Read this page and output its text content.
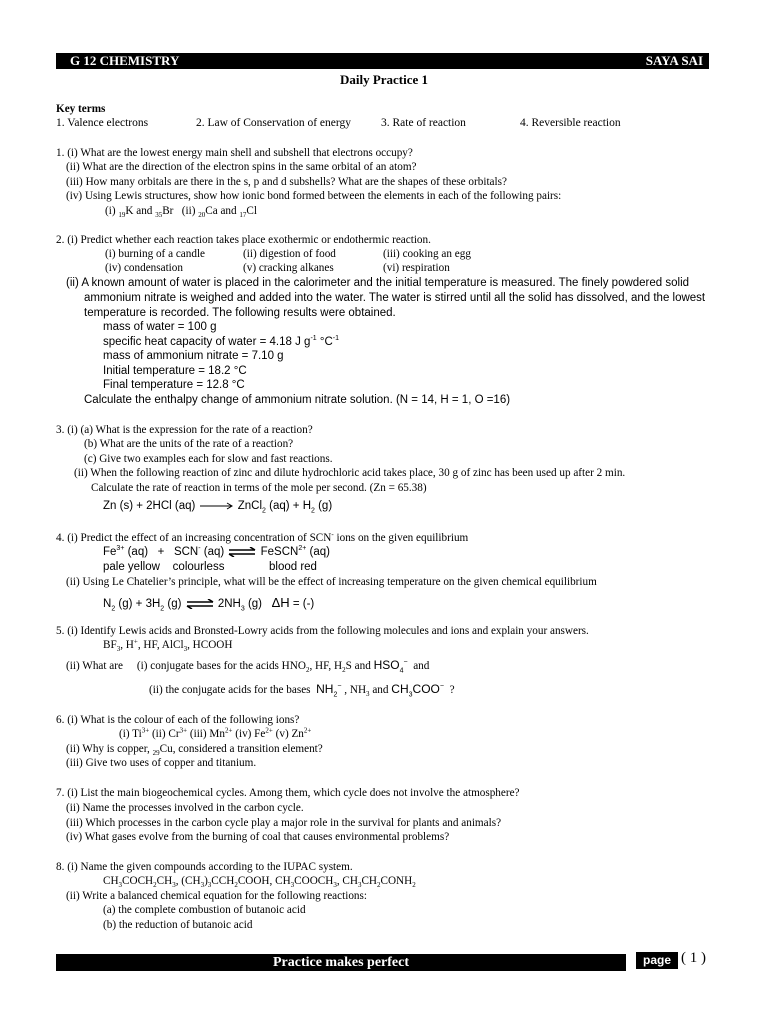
G 12 CHEMISTRY	SAYA SAI
Daily Practice 1
Key terms
1. Valence electrons	2. Law of Conservation of energy	3. Rate of reaction	4. Reversible reaction
1. (i) What are the lowest energy main shell and subshell that electrons occupy?
(ii) What are the direction of the electron spins in the same orbital of an atom?
(iii) How many orbitals are there in the s, p and d subshells? What are the shapes of these orbitals?
(iv) Using Lewis structures, show how ionic bond formed between the elements in each of the following pairs:
(i) $_{19}$K and $_{35}$Br   (ii) $_{20}$Ca and $_{17}$Cl
2. (i) Predict whether each reaction takes place exothermic or endothermic reaction.
(i) burning of a candle	(ii) digestion of food	(iii) cooking an egg
(iv) condensation	(v) cracking alkanes	(vi) respiration
(ii) A known amount of water is placed in the calorimeter and the initial temperature is measured. The finely powdered solid
ammonium nitrate is weighed and added into the water. The water is stirred until all the solid has dissolved, and the lowest
temperature is recorded. The following results were obtained.
mass of water = 100 g
specific heat capacity of water = 4.18 J $g^{-1}$ $^\circ C^{-1}$
mass of ammonium nitrate = 7.10 g
Initial temperature = 18.2 °C
Final temperature = 12.8 °C
Calculate the enthalpy change of ammonium nitrate solution. (N = 14, H = 1, O =16)
3. (i) (a) What is the expression for the rate of a reaction?
(b) What are the units of the rate of a reaction?
(c) Give two examples each for slow and fast reactions.
(ii) When the following reaction of zinc and dilute hydrochloric acid takes place, 30 g of zinc has been used up after 2 min.
Calculate the rate of reaction in terms of the mole per second. (Zn = 65.38)
Zn (s) + 2HCl (aq) → ZnCl$_2$ $(aq) + H_2$ (g)
4. (i) Predict the effect of an increasing concentration of SCN- ions on the given equilibrium
$Fe^{3+}$ (aq)   +   SCN- (aq) ⇌ FeSCN$^{2+}$ (aq)
pale yellow    colourless	blood red
(ii) Using Le Chatelier’s principle, what will be the effect of increasing temperature on the given chemical equilibrium
$N_2$ $(g) + 3H_2$ (g) ⇌ $2NH_3$ (g)   ΔH = (-)
5. (i) Identify Lewis acids and Bronsted-Lowry acids from the following molecules and ions and explain your answers.
$BF_3$, H+, HF, AlCl$_3$, HCOOH
(ii) What are     (i) conjugate bases for the acids $HNO_2$, HF, $H_2S$ and $HSO_4^-$  and
(ii) the conjugate acids for the bases  $NH_2^-$ , $NH_3$ and $CH_3COO^-$  ?
6. (i) What is the colour of each of the following ions?
(i) $Ti^{3+}$ (ii) $Cr^{3+}$ (iii) $Mn^{2+}$ (iv) $Fe^{2+}$ (v) $Zn^{2+}$
(ii) Why is copper, $_{29}$Cu, considered a transition element?
(iii) Give two uses of copper and titanium.
7. (i) List the main biogeochemical cycles. Among them, which cycle does not involve the atmosphere?
(ii) Name the processes involved in the carbon cycle.
(iii) Which processes in the carbon cycle play a major role in the survival for plants and animals?
(iv) What gases evolve from the burning of coal that causes environmental problems?
8. (i) Name the given compounds according to the IUPAC system.
$CH_3COCH_2CH_3$, $(CH_3)_3CCH_2COOH$, $CH_3COOCH_3$, $CH_3CH_2CONH_2$
(ii) Write a balanced chemical equation for the following reactions:
(a) the complete combustion of butanoic acid
(b) the reduction of butanoic acid
Practice makes perfect	page ( 1 )
